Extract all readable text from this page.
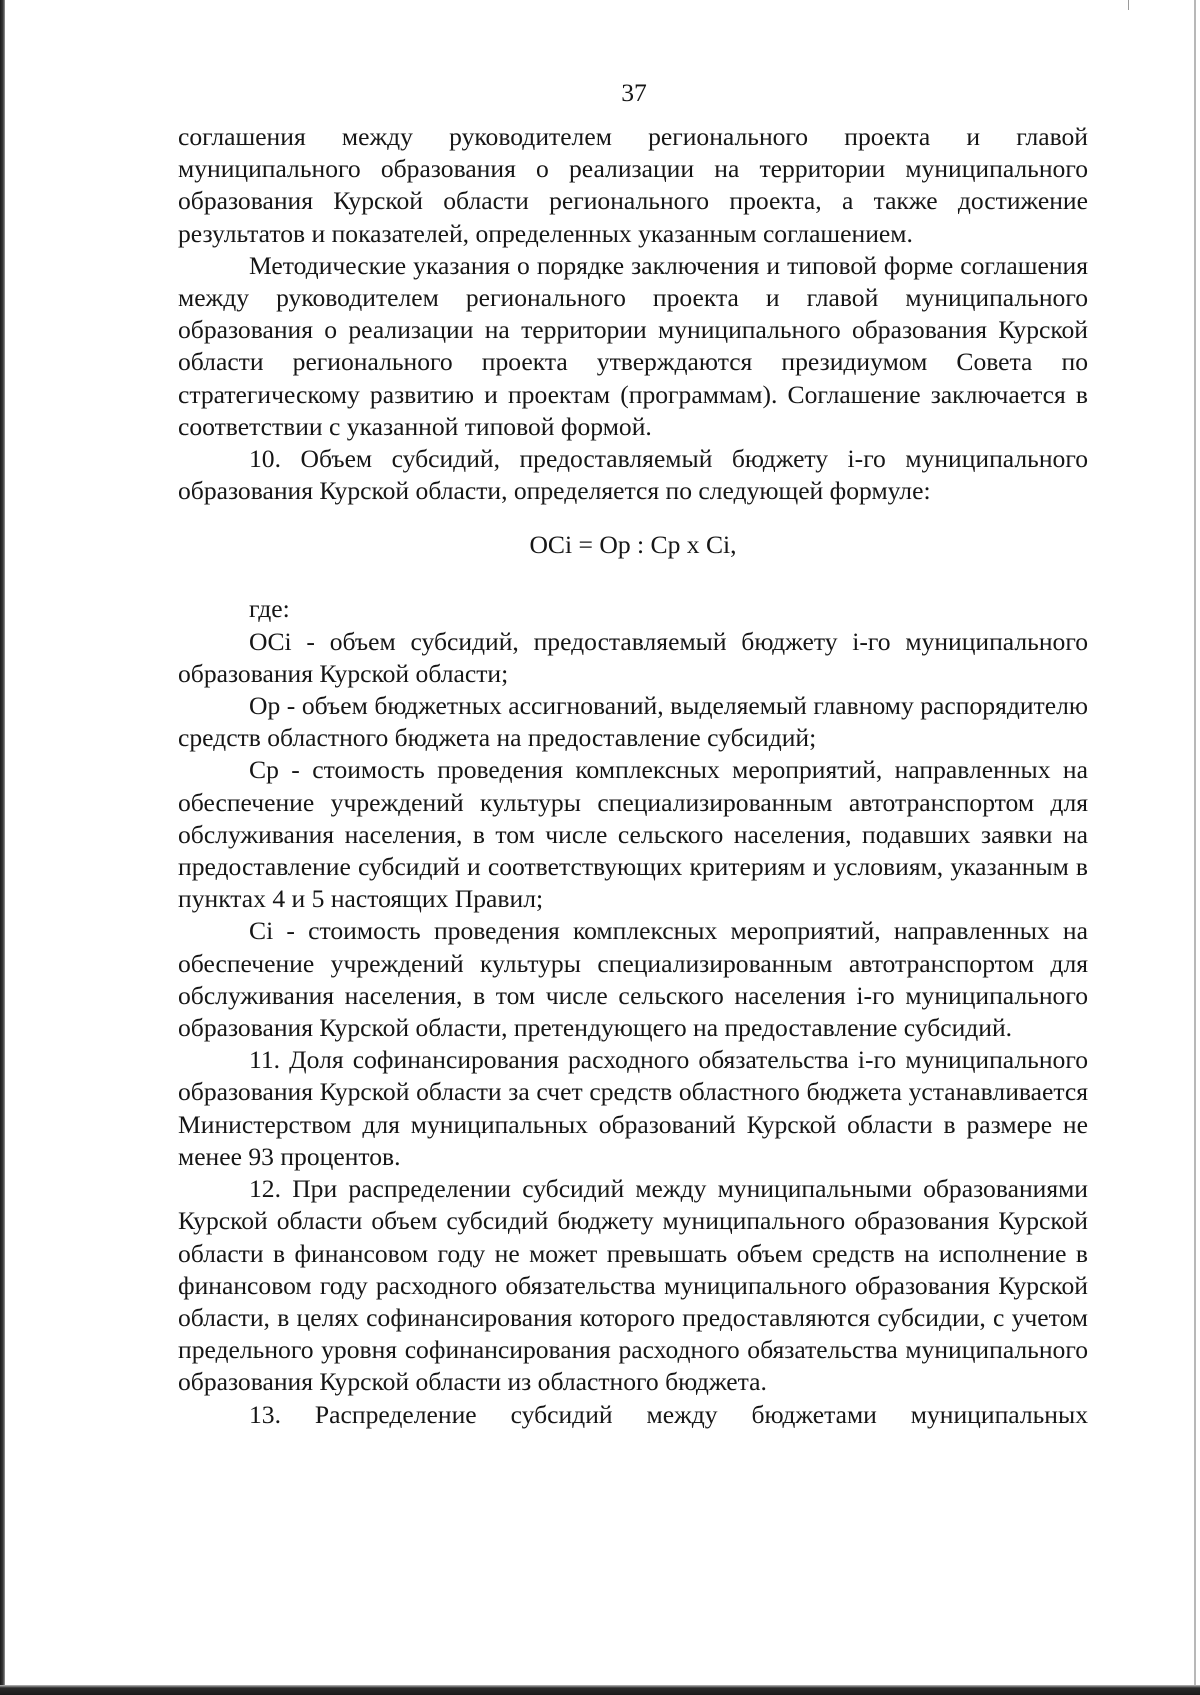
37

соглашения между руководителем регионального проекта и главой муниципального образования о реализации на территории муниципального образования Курской области регионального проекта, а также достижение результатов и показателей, определенных указанным соглашением.

Методические указания о порядке заключения и типовой форме соглашения между руководителем регионального проекта и главой муниципального образования о реализации на территории муниципального образования Курской области регионального проекта утверждаются президиумом Совета по стратегическому развитию и проектам (программам). Соглашение заключается в соответствии с указанной типовой формой.

10. Объем субсидий, предоставляемый бюджету i-го муниципального образования Курской области, определяется по следующей формуле:

OCi = Op : Cp x Ci,

где:

OCi - объем субсидий, предоставляемый бюджету i-го муниципального образования Курской области;

Op - объем бюджетных ассигнований, выделяемый главному распорядителю средств областного бюджета на предоставление субсидий;

Cp - стоимость проведения комплексных мероприятий, направленных на обеспечение учреждений культуры специализированным автотранспортом для обслуживания населения, в том числе сельского населения, подавших заявки на предоставление субсидий и соответствующих критериям и условиям, указанным в пунктах 4 и 5 настоящих Правил;

Ci - стоимость проведения комплексных мероприятий, направленных на обеспечение учреждений культуры специализированным автотранспортом для обслуживания населения, в том числе сельского населения i-го муниципального образования Курской области, претендующего на предоставление субсидий.

11. Доля софинансирования расходного обязательства i-го муниципального образования Курской области за счет средств областного бюджета устанавливается Министерством для муниципальных образований Курской области в размере не менее 93 процентов.

12. При распределении субсидий между муниципальными образованиями Курской области объем субсидий бюджету муниципального образования Курской области в финансовом году не может превышать объем средств на исполнение в финансовом году расходного обязательства муниципального образования Курской области, в целях софинансирования которого предоставляются субсидии, с учетом предельного уровня софинансирования расходного обязательства муниципального образования Курской области из областного бюджета.

13. Распределение субсидий между бюджетами муниципальных
